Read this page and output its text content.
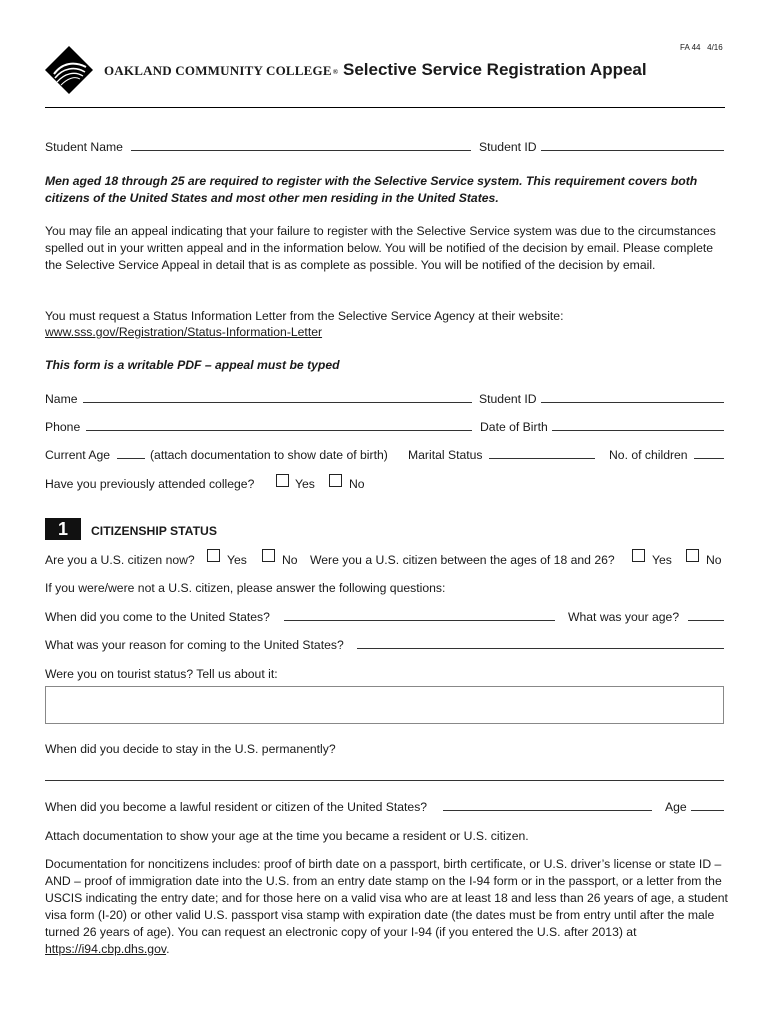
FA 44   4/16
OAKLAND COMMUNITY COLLEGE® Selective Service Registration Appeal
Student Name	Student ID
Men aged 18 through 25 are required to register with the Selective Service system. This requirement covers both citizens of the United States and most other men residing in the United States.
You may file an appeal indicating that your failure to register with the Selective Service system was due to the circumstances spelled out in your written appeal and in the information below. You will be notified of the decision by email. Please complete the Selective Service Appeal in detail that is as complete as possible. You will be notified of the decision by email.
You must request a Status Information Letter from the Selective Service Agency at their website:
www.sss.gov/Registration/Status-Information-Letter
This form is a writable PDF – appeal must be typed
Name	Student ID
Phone	Date of Birth
Current Age	(attach documentation to show date of birth) Marital Status	No. of children
Have you previously attended college?	Yes	No
1	CITIZENSHIP STATUS
Are you a U.S. citizen now?	Yes	No Were you a U.S. citizen between the ages of 18 and 26?	Yes	No
If you were/were not a U.S. citizen, please answer the following questions:
When did you come to the United States?	What was your age?
What was your reason for coming to the United States?
Were you on tourist status? Tell us about it:
When did you decide to stay in the U.S. permanently?
When did you become a lawful resident or citizen of the United States?	Age
Attach documentation to show your age at the time you became a resident or U.S. citizen.
Documentation for noncitizens includes: proof of birth date on a passport, birth certificate, or U.S. driver’s license or state ID – AND – proof of immigration date into the U.S. from an entry date stamp on the I-94 form or in the passport, or a letter from the USCIS indicating the entry date; and for those here on a valid visa who are at least 18 and less than 26 years of age, a student visa form (I-20) or other valid U.S. passport visa stamp with expiration date (the dates must be from entry until after the male turned 26 years of age). You can request an electronic copy of your I-94 (if you entered the U.S. after 2013) at https://i94.cbp.dhs.gov.
